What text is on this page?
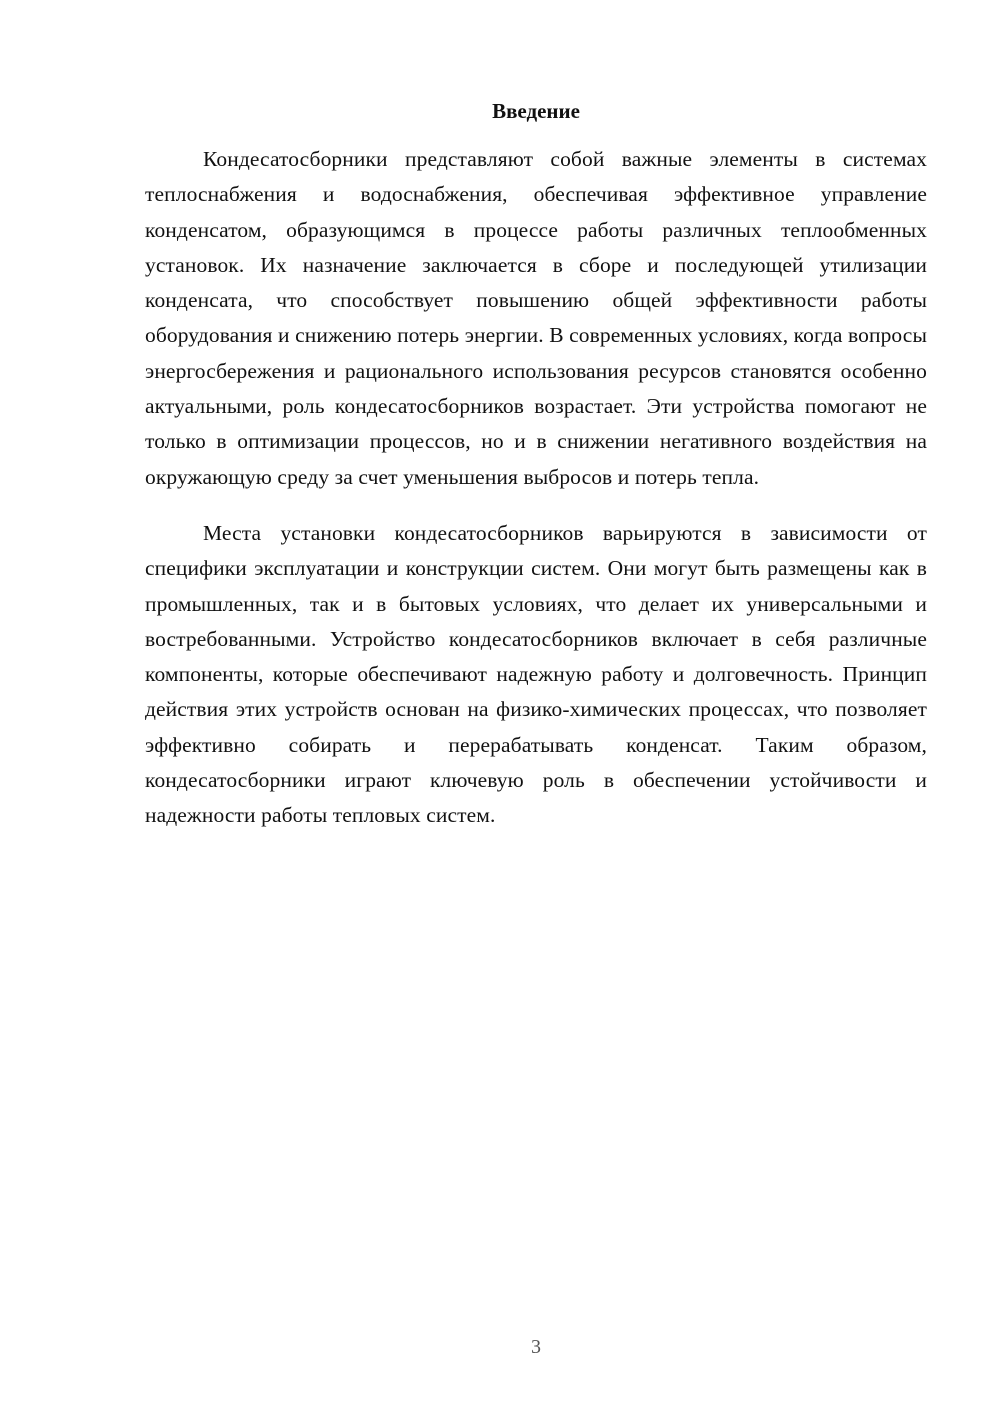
Введение

Кондесатосборники представляют собой важные элементы в системах теплоснабжения и водоснабжения, обеспечивая эффективное управление конденсатом, образующимся в процессе работы различных теплообменных установок. Их назначение заключается в сборе и последующей утилизации конденсата, что способствует повышению общей эффективности работы оборудования и снижению потерь энергии. В современных условиях, когда вопросы энергосбережения и рационального использования ресурсов становятся особенно актуальными, роль кондесатосборников возрастает. Эти устройства помогают не только в оптимизации процессов, но и в снижении негативного воздействия на окружающую среду за счет уменьшения выбросов и потерь тепла.

Места установки кондесатосборников варьируются в зависимости от специфики эксплуатации и конструкции систем. Они могут быть размещены как в промышленных, так и в бытовых условиях, что делает их универсальными и востребованными. Устройство кондесатосборников включает в себя различные компоненты, которые обеспечивают надежную работу и долговечность. Принцип действия этих устройств основан на физико-химических процессах, что позволяет эффективно собирать и перерабатывать конденсат. Таким образом, кондесатосборники играют ключевую роль в обеспечении устойчивости и надежности работы тепловых систем.

3
